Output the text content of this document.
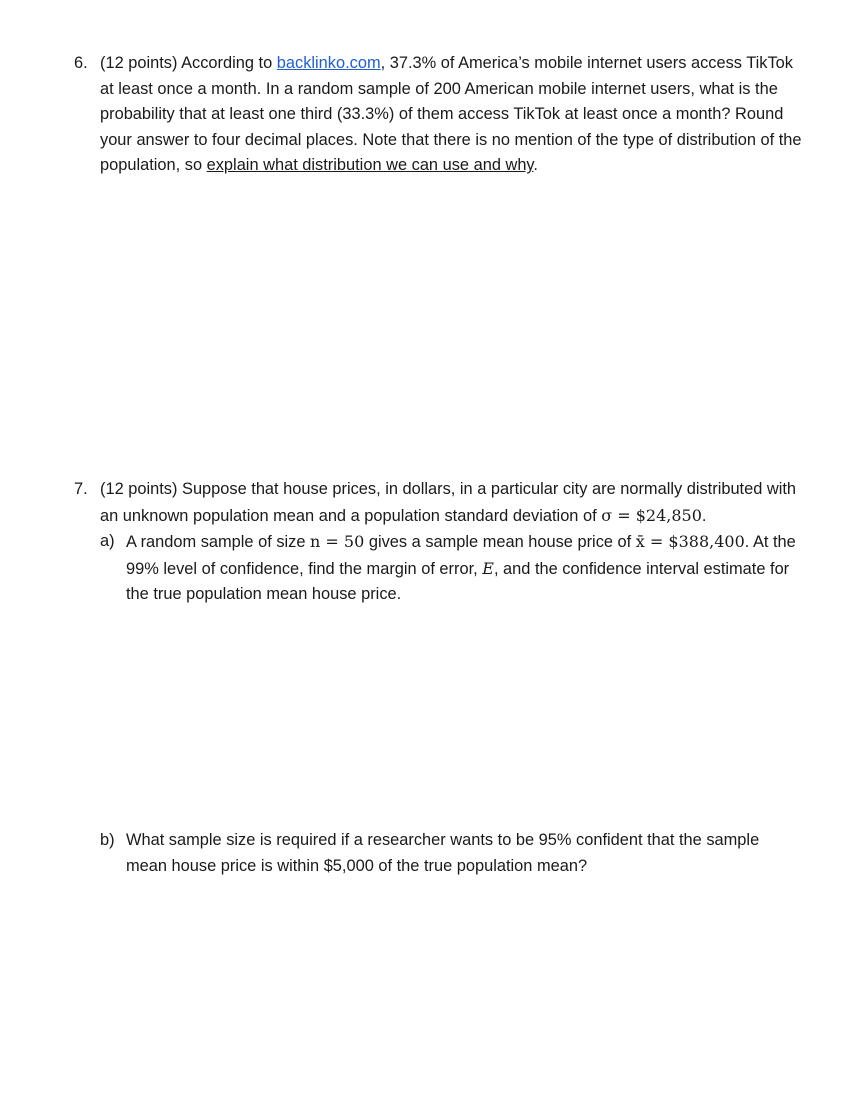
6. (12 points) According to backlinko.com, 37.3% of America’s mobile internet users access TikTok at least once a month. In a random sample of 200 American mobile internet users, what is the probability that at least one third (33.3%) of them access TikTok at least once a month? Round your answer to four decimal places. Note that there is no mention of the type of distribution of the population, so explain what distribution we can use and why.
7. (12 points) Suppose that house prices, in dollars, in a particular city are normally distributed with an unknown population mean and a population standard deviation of σ = $24,850.
a) A random sample of size n = 50 gives a sample mean house price of x̄ = $388,400. At the 99% level of confidence, find the margin of error, E, and the confidence interval estimate for the true population mean house price.
b) What sample size is required if a researcher wants to be 95% confident that the sample mean house price is within $5,000 of the true population mean?
